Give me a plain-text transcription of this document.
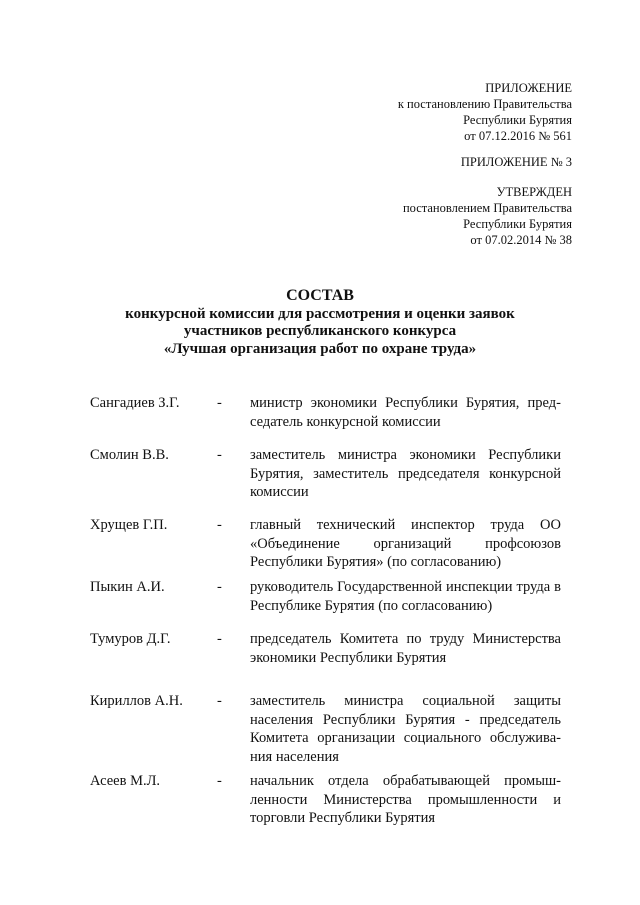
ПРИЛОЖЕНИЕ
к постановлению Правительства
Республики Бурятия
от 07.12.2016 № 561
ПРИЛОЖЕНИЕ № 3
УТВЕРЖДЕН
постановлением Правительства
Республики Бурятия
от 07.02.2014 № 38
СОСТАВ
конкурсной комиссии для рассмотрения и оценки заявок
участников республиканского конкурса
«Лучшая организация работ по охране труда»
Сангадиев З.Г.	- министр экономики Республики Бурятия, председатель конкурсной комиссии
Смолин В.В.	- заместитель министра экономики Республики Бурятия, заместитель председателя конкурсной комиссии
Хрущев Г.П.	- главный технический инспектор труда ОО «Объединение организаций профсоюзов Республики Бурятия» (по согласованию)
Пыкин А.И.	- руководитель Государственной инспекции труда в Республике Бурятия (по согласованию)
Тумуров Д.Г.	- председатель Комитета по труду Министерства экономики Республики Бурятия
Кириллов А.Н. - заместитель министра социальной защиты населения Республики Бурятия - председатель Комитета организации социального обслуживания населения
Асеев М.Л.	- начальник отдела обрабатывающей промышленности Министерства промышленности и торговли Республики Бурятия
